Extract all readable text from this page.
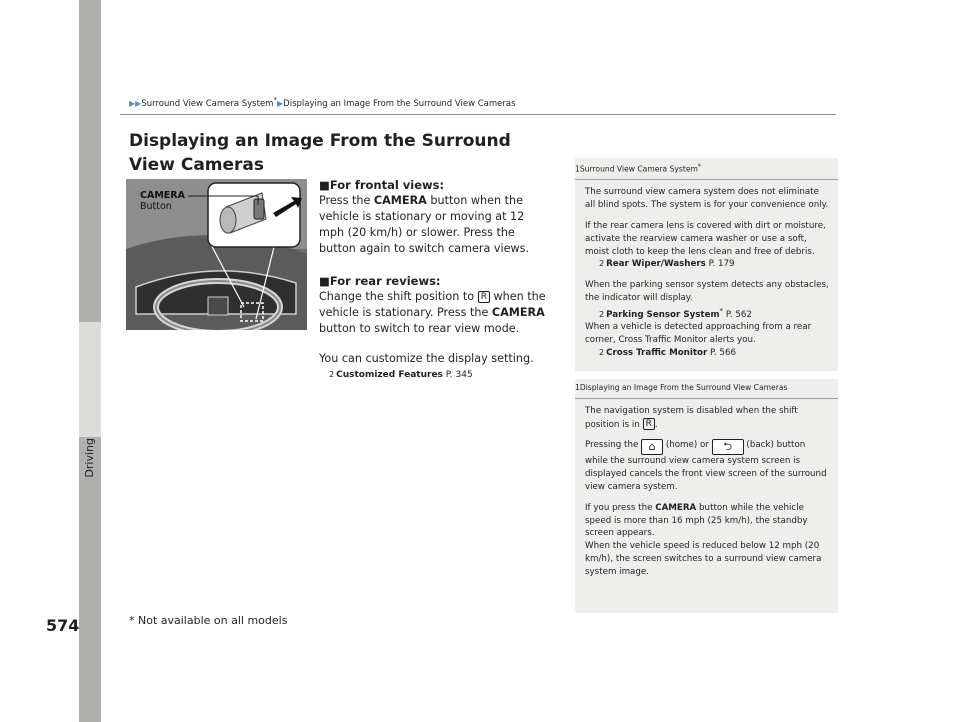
Driving
▶▶Surround View Camera System*▶Displaying an Image From the Surround View Cameras
Displaying an Image From the Surround View Cameras
CAMERA
Button

■For frontal views:

Press the CAMERA button when the vehicle is stationary or moving at 12 mph (20 km/h) or slower. Press the button again to switch camera views.

■For rear reviews:

Change the shift position to R when the vehicle is stationary. Press the CAMERA button to switch to rear view mode.

You can customize the display setting.

2 Customized Features P. 345

1Surround View Camera System*

The surround view camera system does not eliminate all blind spots. The system is for your convenience only.

If the rear camera lens is covered with dirt or moisture, activate the rearview camera washer or use a soft, moist cloth to keep the lens clean and free of debris.

2 Rear Wiper/Washers P. 179

When the parking sensor system detects any obstacles, the indicator will display.

2 Parking Sensor System* P. 562

When a vehicle is detected approaching from a rear corner, Cross Traffic Monitor alerts you.

2 Cross Traffic Monitor P. 566

1Displaying an Image From the Surround View Cameras

The navigation system is disabled when the shift position is in R .

Pressing the ⌂ (home) or ⮌ (back) button while the surround view camera system screen is displayed cancels the front view screen of the surround view camera system.

If you press the CAMERA button while the vehicle speed is more than 16 mph (25 km/h), the standby screen appears.

When the vehicle speed is reduced below 12 mph (20 km/h), the screen switches to a surround view camera system image.

574	* Not available on all models
